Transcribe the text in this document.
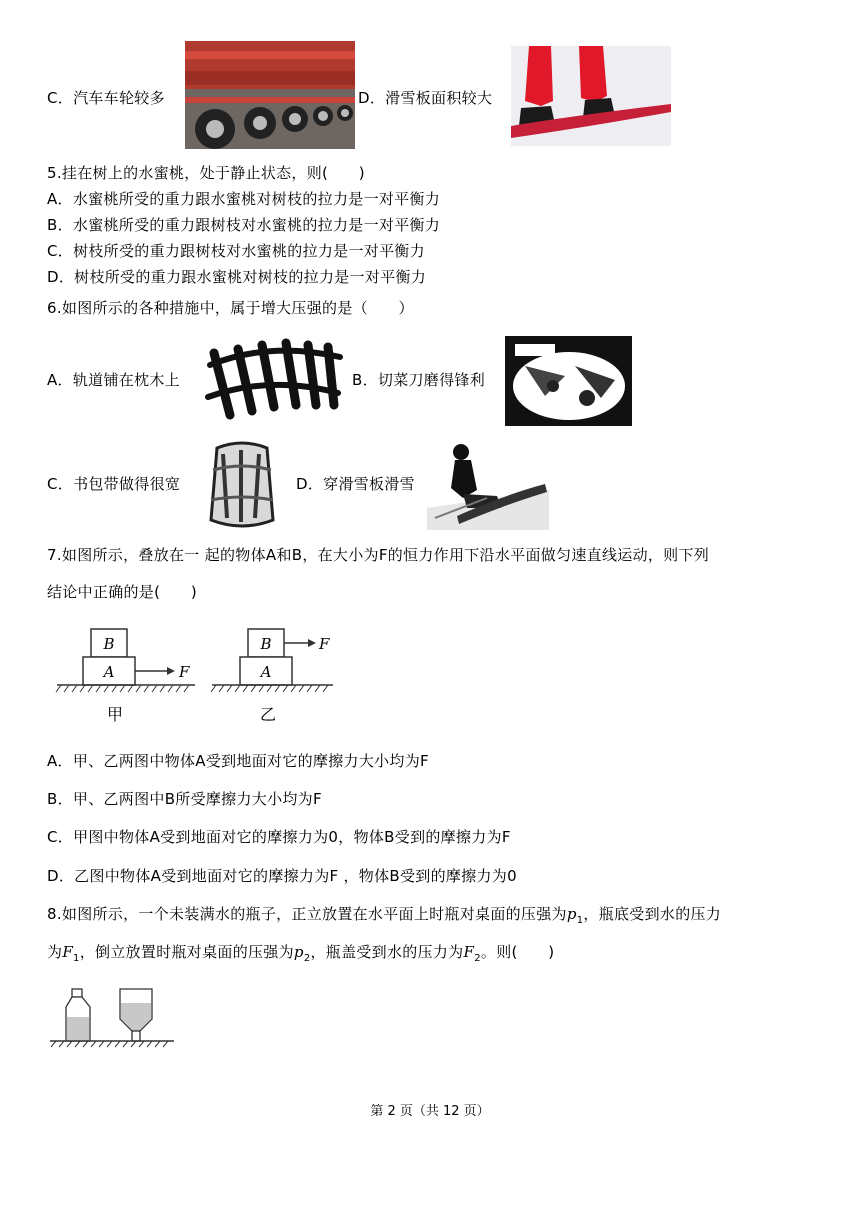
C．汽车车轮较多	D．滑雪板面积较大
5.挂在树上的水蜜桃，处于静止状态，则(　　)
A．水蜜桃所受的重力跟水蜜桃对树枝的拉力是一对平衡力
B．水蜜桃所受的重力跟树枝对水蜜桃的拉力是一对平衡力
C．树枝所受的重力跟树枝对水蜜桃的拉力是一对平衡力
D．树枝所受的重力跟水蜜桃对树枝的拉力是一对平衡力
6.如图所示的各种措施中，属于增大压强的是（　　）
A．轨道铺在枕木上	B．切菜刀磨得锋利
C．书包带做得很宽	D．穿滑雪板滑雪
7.如图所示，叠放在一 起的物体A和B，在大小为F的恒力作用下沿水平面做匀速直线运动，则下列
结论中正确的是(　　)
B
A	F
甲
B	F
A
乙
A．甲、乙两图中物体A受到地面对它的摩擦力大小均为F
B．甲、乙两图中B所受摩擦力大小均为F
C．甲图中物体A受到地面对它的摩擦力为0，物体B受到的摩擦力为F
D．乙图中物体A受到地面对它的摩擦力为F ，物体B受到的摩擦力为0
8.如图所示，一个未装满水的瓶子，正立放置在水平面上时瓶对桌面的压强为$p_1$，瓶底受到水的压力
为$F_1$，倒立放置时瓶对桌面的压强为$p_2$，瓶盖受到水的压力为$F_2$。则(　　)
第 2 页（共 12 页）
